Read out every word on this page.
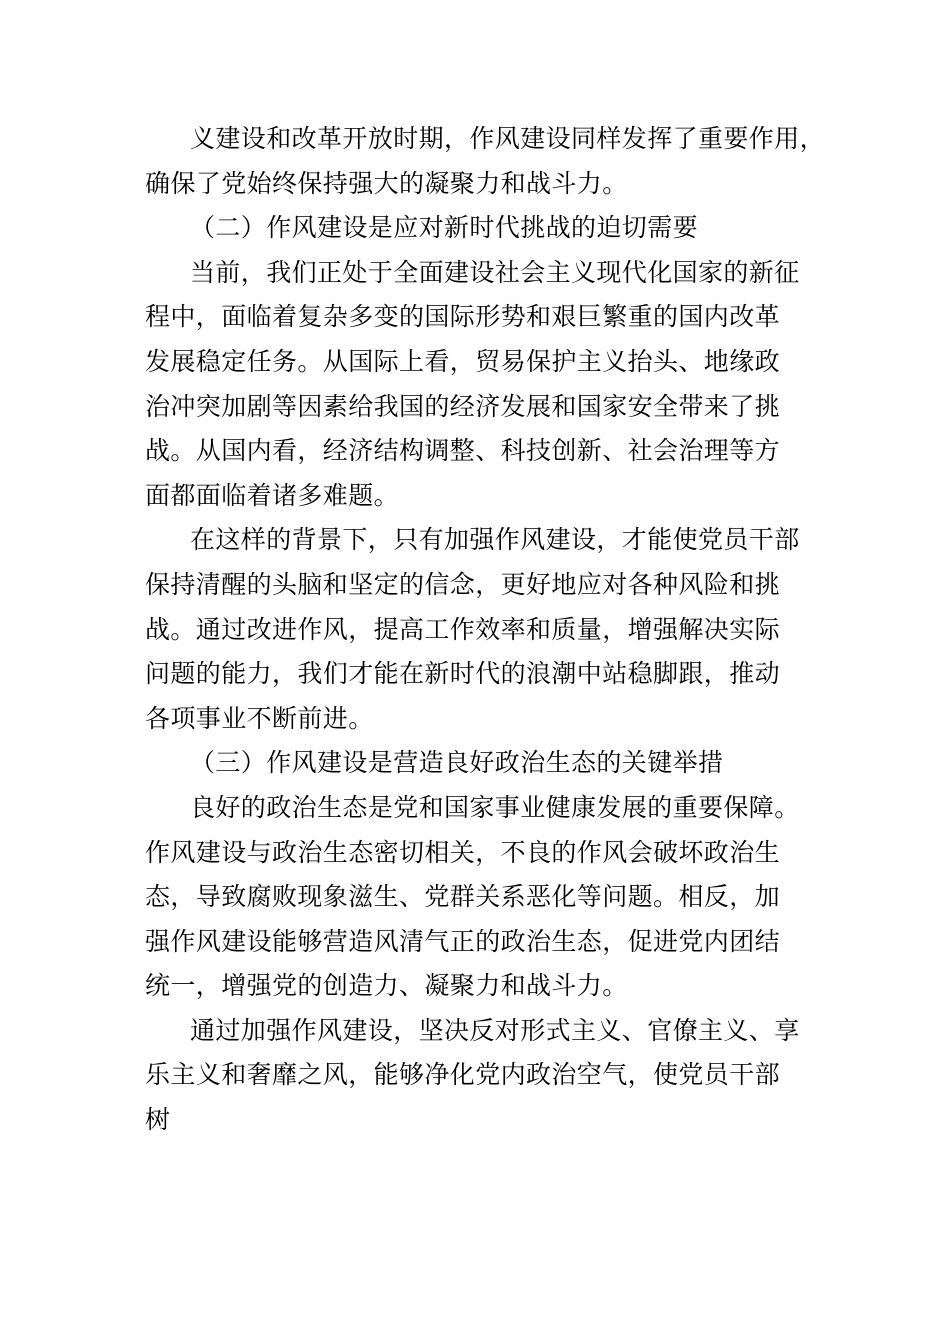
义建设和改革开放时期，作风建设同样发挥了重要作用，
确保了党始终保持强大的凝聚力和战斗力。
（二）作风建设是应对新时代挑战的迫切需要
当前，我们正处于全面建设社会主义现代化国家的新征
程中，面临着复杂多变的国际形势和艰巨繁重的国内改革
发展稳定任务。从国际上看，贸易保护主义抬头、地缘政
治冲突加剧等因素给我国的经济发展和国家安全带来了挑
战。从国内看，经济结构调整、科技创新、社会治理等方
面都面临着诸多难题。
在这样的背景下，只有加强作风建设，才能使党员干部
保持清醒的头脑和坚定的信念，更好地应对各种风险和挑
战。通过改进作风，提高工作效率和质量，增强解决实际
问题的能力，我们才能在新时代的浪潮中站稳脚跟，推动
各项事业不断前进。
（三）作风建设是营造良好政治生态的关键举措
良好的政治生态是党和国家事业健康发展的重要保障。
作风建设与政治生态密切相关，不良的作风会破坏政治生
态，导致腐败现象滋生、党群关系恶化等问题。相反，加
强作风建设能够营造风清气正的政治生态，促进党内团结
统一，增强党的创造力、凝聚力和战斗力。
通过加强作风建设，坚决反对形式主义、官僚主义、享
乐主义和奢靡之风，能够净化党内政治空气，使党员干部
树
